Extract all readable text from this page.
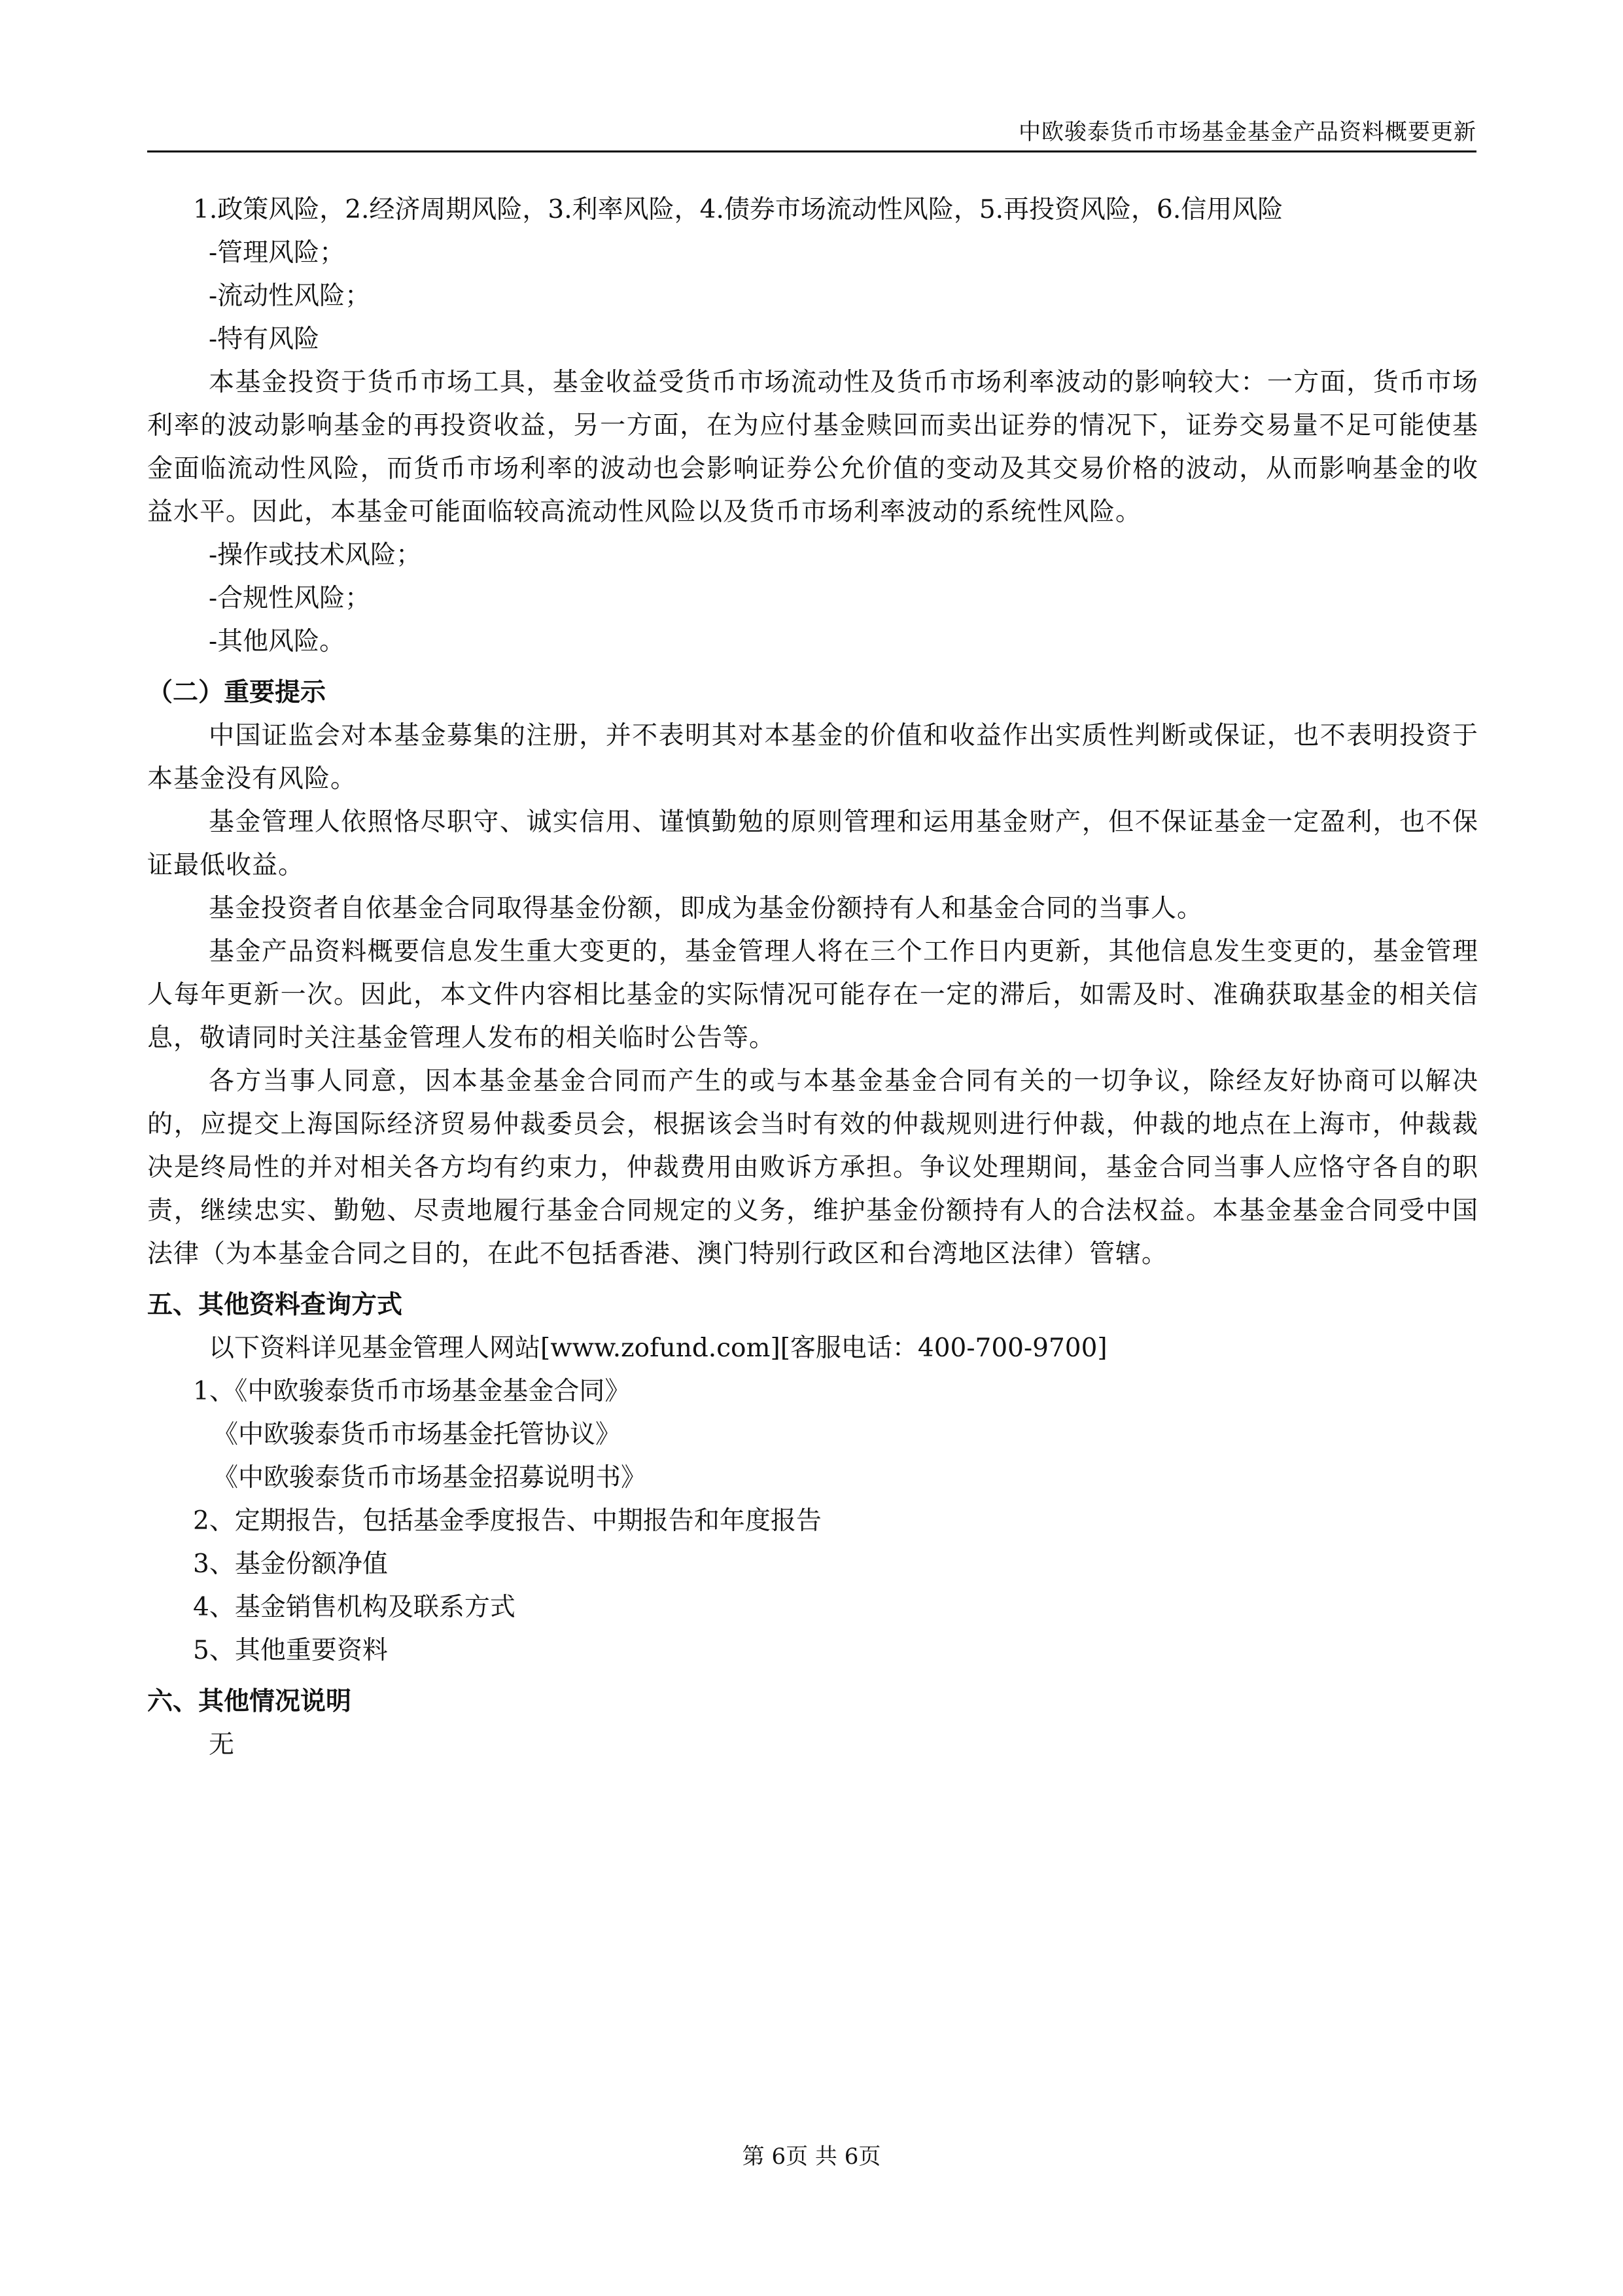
中欧骏泰货币市场基金基金产品资料概要更新

1.政策风险，2.经济周期风险，3.利率风险，4.债券市场流动性风险，5.再投资风险，6.信用风险

-管理风险；

-流动性风险；

-特有风险

本基金投资于货币市场工具，基金收益受货币市场流动性及货币市场利率波动的影响较大：一方面，货币市场利率的波动影响基金的再投资收益，另一方面，在为应付基金赎回而卖出证券的情况下，证券交易量不足可能使基金面临流动性风险，而货币市场利率的波动也会影响证券公允价值的变动及其交易价格的波动，从而影响基金的收益水平。因此，本基金可能面临较高流动性风险以及货币市场利率波动的系统性风险。

-操作或技术风险；

-合规性风险；

-其他风险。

（二）重要提示

中国证监会对本基金募集的注册，并不表明其对本基金的价值和收益作出实质性判断或保证，也不表明投资于本基金没有风险。

基金管理人依照恪尽职守、诚实信用、谨慎勤勉的原则管理和运用基金财产，但不保证基金一定盈利，也不保证最低收益。

基金投资者自依基金合同取得基金份额，即成为基金份额持有人和基金合同的当事人。

基金产品资料概要信息发生重大变更的，基金管理人将在三个工作日内更新，其他信息发生变更的，基金管理人每年更新一次。因此，本文件内容相比基金的实际情况可能存在一定的滞后，如需及时、准确获取基金的相关信息，敬请同时关注基金管理人发布的相关临时公告等。

各方当事人同意，因本基金基金合同而产生的或与本基金基金合同有关的一切争议，除经友好协商可以解决的，应提交上海国际经济贸易仲裁委员会，根据该会当时有效的仲裁规则进行仲裁，仲裁的地点在上海市，仲裁裁决是终局性的并对相关各方均有约束力，仲裁费用由败诉方承担。争议处理期间，基金合同当事人应恪守各自的职责，继续忠实、勤勉、尽责地履行基金合同规定的义务，维护基金份额持有人的合法权益。本基金基金合同受中国法律（为本基金合同之目的，在此不包括香港、澳门特别行政区和台湾地区法律）管辖。

五、其他资料查询方式

以下资料详见基金管理人网站[www.zofund.com][客服电话：400-700-9700]

1、《中欧骏泰货币市场基金基金合同》

《中欧骏泰货币市场基金托管协议》

《中欧骏泰货币市场基金招募说明书》

2、定期报告，包括基金季度报告、中期报告和年度报告

3、基金份额净值

4、基金销售机构及联系方式

5、其他重要资料

六、其他情况说明

无

第 6页 共 6页
